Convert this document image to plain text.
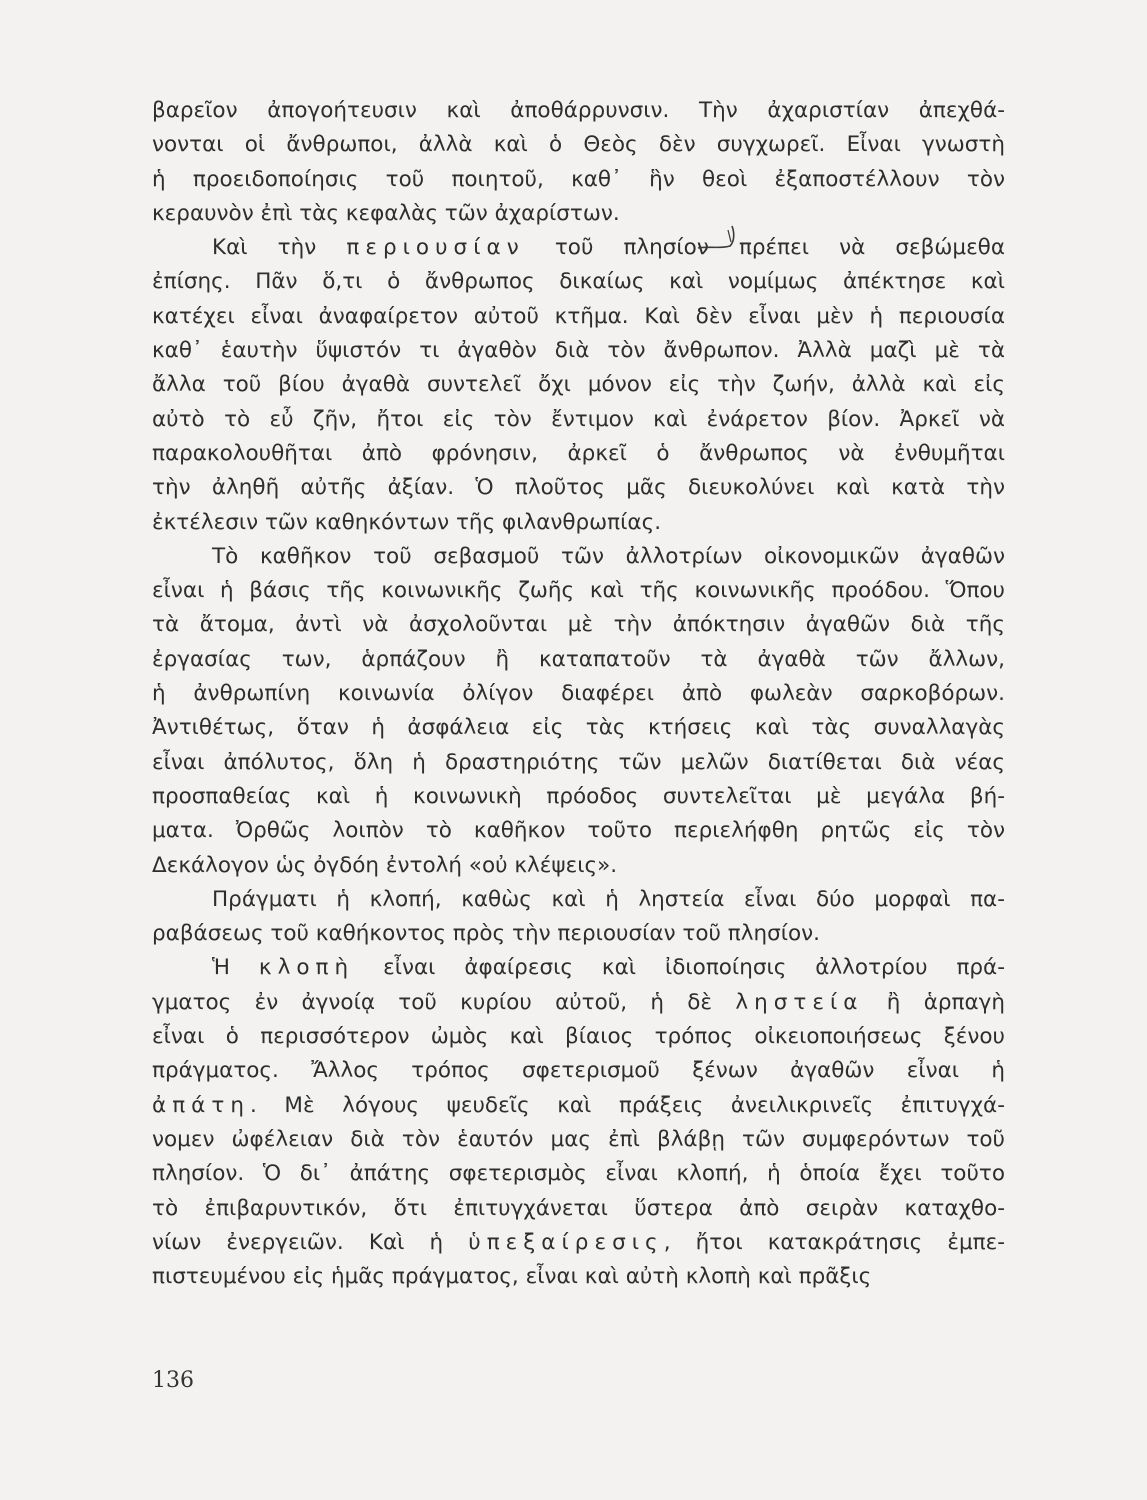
βαρεῖον ἀπογοήτευσιν καὶ ἀποθάρρυνσιν. Τὴν ἀχαριστίαν ἀπεχθά-
νονται οἱ ἄνθρωποι, ἀλλὰ καὶ ὁ Θεὸς δὲν συγχωρεῖ. Εἶναι γνωστὴ
ἡ προειδοποίησις τοῦ ποιητοῦ, καθ᾽ ἣν θεοὶ ἐξαποστέλλουν τὸν
κεραυνὸν ἐπὶ τὰς κεφαλὰς τῶν ἀχαρίστων.

Καὶ τὴν περιουσίαν τοῦ πλησίον πρέπει νὰ σεβώμεθα
ἐπίσης. Πᾶν ὅ,τι ὁ ἄνθρωπος δικαίως καὶ νομίμως ἀπέκτησε καὶ
κατέχει εἶναι ἀναφαίρετον αὐτοῦ κτῆμα. Καὶ δὲν εἶναι μὲν ἡ περιουσία
καθ᾽ ἑαυτὴν ὕψιστόν τι ἀγαθὸν διὰ τὸν ἄνθρωπον. Ἀλλὰ μαζὶ μὲ τὰ
ἄλλα τοῦ βίου ἀγαθὰ συντελεῖ ὄχι μόνον εἰς τὴν ζωήν, ἀλλὰ καὶ εἰς
αὐτὸ τὸ εὖ ζῆν, ἤτοι εἰς τὸν ἔντιμον καὶ ἐνάρετον βίον. Ἀρκεῖ νὰ
παρακολουθῆται ἀπὸ φρόνησιν, ἀρκεῖ ὁ ἄνθρωπος νὰ ἐνθυμῆται
τὴν ἀληθῆ αὐτῆς ἀξίαν. Ὁ πλοῦτος μᾶς διευκολύνει καὶ κατὰ τὴν
ἐκτέλεσιν τῶν καθηκόντων τῆς φιλανθρωπίας.

Τὸ καθῆκον τοῦ σεβασμοῦ τῶν ἀλλοτρίων οἰκονομικῶν ἀγαθῶν
εἶναι ἡ βάσις τῆς κοινωνικῆς ζωῆς καὶ τῆς κοινωνικῆς προόδου. Ὅπου
τὰ ἄτομα, ἀντὶ νὰ ἀσχολοῦνται μὲ τὴν ἀπόκτησιν ἀγαθῶν διὰ τῆς
ἐργασίας των, ἁρπάζουν ἢ καταπατοῦν τὰ ἀγαθὰ τῶν ἄλλων,
ἡ ἀνθρωπίνη κοινωνία ὀλίγον διαφέρει ἀπὸ φωλεὰν σαρκοβόρων.
Ἀντιθέτως, ὅταν ἡ ἀσφάλεια εἰς τὰς κτήσεις καὶ τὰς συναλλαγὰς
εἶναι ἀπόλυτος, ὅλη ἡ δραστηριότης τῶν μελῶν διατίθεται διὰ νέας
προσπαθείας καὶ ἡ κοινωνικὴ πρόοδος συντελεῖται μὲ μεγάλα βή-
ματα. Ὀρθῶς λοιπὸν τὸ καθῆκον τοῦτο περιελήφθη ρητῶς εἰς τὸν
Δεκάλογον ὡς ὀγδόη ἐντολή «οὐ κλέψεις».

Πράγματι ἡ κλοπή, καθὼς καὶ ἡ ληστεία εἶναι δύο μορφαὶ πα-
ραβάσεως τοῦ καθήκοντος πρὸς τὴν περιουσίαν τοῦ πλησίον.

Ἡ κλοπὴ εἶναι ἀφαίρεσις καὶ ἰδιοποίησις ἀλλοτρίου πρά-
γματος ἐν ἀγνοίᾳ τοῦ κυρίου αὐτοῦ, ἡ δὲ ληστεία ἢ ἁρπαγὴ
εἶναι ὁ περισσότερον ὠμὸς καὶ βίαιος τρόπος οἰκειοποιήσεως ξένου
πράγματος. Ἄλλος τρόπος σφετερισμοῦ ξένων ἀγαθῶν εἶναι ἡ
ἀπάτη. Μὲ λόγους ψευδεῖς καὶ πράξεις ἀνειλικρινεῖς ἐπιτυγχά-
νομεν ὠφέλειαν διὰ τὸν ἑαυτόν μας ἐπὶ βλάβῃ τῶν συμφερόντων τοῦ
πλησίον. Ὁ δι᾽ ἀπάτης σφετερισμὸς εἶναι κλοπή, ἡ ὁποία ἔχει τοῦτο
τὸ ἐπιβαρυντικόν, ὅτι ἐπιτυγχάνεται ὕστερα ἀπὸ σειρὰν καταχθο-
νίων ἐνεργειῶν. Καὶ ἡ ὑπεξαίρεσις, ἤτοι κατακράτησις ἐμπε-
πιστευμένου εἰς ἡμᾶς πράγματος, εἶναι καὶ αὐτὴ κλοπὴ καὶ πρᾶξις

136
